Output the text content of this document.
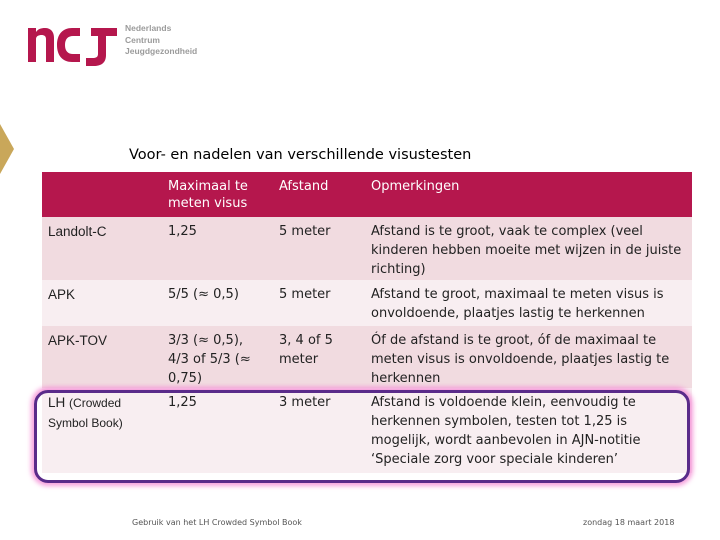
Nederlands
Centrum
Jeugdgezondheid
Voor- en nadelen van verschillende visustesten
	Maximaal te meten visus	Afstand	Opmerkingen
Landolt-C	1,25	5 meter	Afstand is te groot, vaak te complex (veel kinderen hebben moeite met wijzen in de juiste richting)
APK	5/5 (≈ 0,5)	5 meter	Afstand te groot, maximaal te meten visus is onvoldoende, plaatjes lastig te herkennen
APK-TOV	3/3 (≈ 0,5), 4/3 of 5/3 (≈ 0,75)	3, 4 of 5 meter	Óf de afstand is te groot, óf de maximaal te meten visus is onvoldoende, plaatjes lastig te herkennen
LH (Crowded Symbol Book)	1,25	3 meter	Afstand is voldoende klein, eenvoudig te herkennen symbolen, testen tot 1,25 is mogelijk, wordt aanbevolen in AJN-notitie ‘Speciale zorg voor speciale kinderen’
Gebruik van het LH Crowded Symbol Book	zondag 18 maart 2018
